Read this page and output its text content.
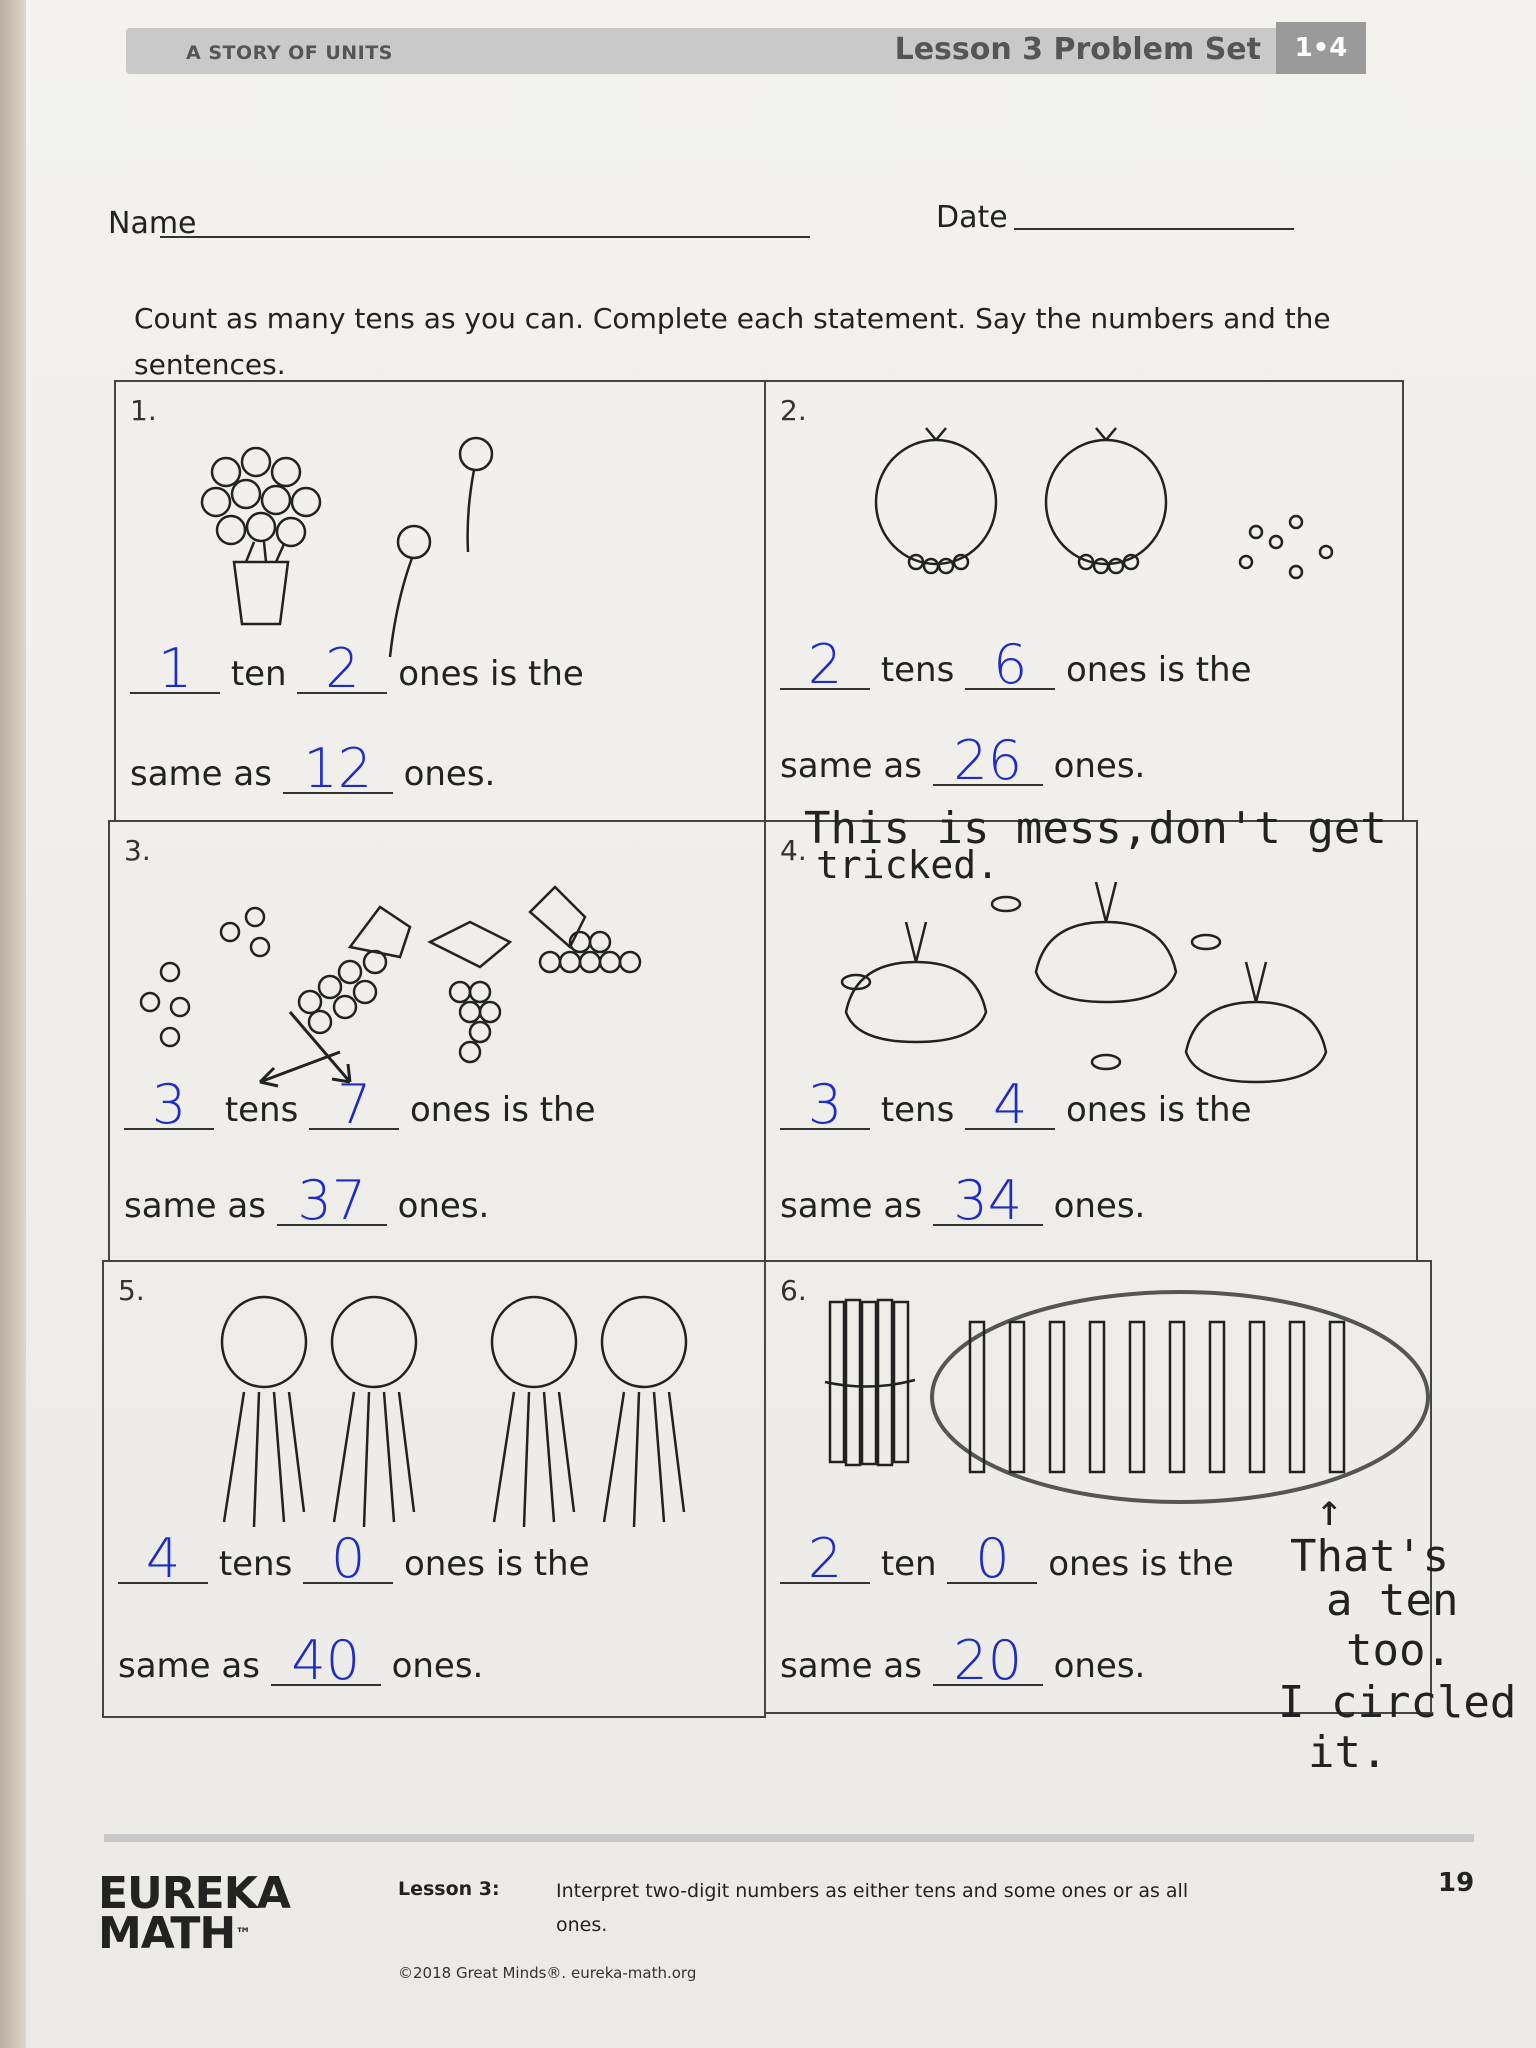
A STORY OF UNITS	Lesson 3 Problem Set	1•4
Name	Date
Count as many tens as you can. Complete each statement. Say the numbers and the sentences.
1.
1	ten 2	ones is the
same as 12 ones.
2.
2	tens 6	ones is the
same as 26 ones.
3.
3	tens 7	ones is the
same as 37 ones.
4.
3	tens 4	ones is the
same as 34 ones.
5.
4	tens 0	ones is the
same as 40 ones.
6.
2	ten 0	ones is the
same as 20 ones.
This is mess,don't get
tricked.
↑
That's
a ten
too.
I circled
it.
EUREKA
MATH™
Lesson 3:	Interpret two-digit numbers as either tens and some ones or as all ones.
19
©2018 Great Minds®. eureka-math.org
